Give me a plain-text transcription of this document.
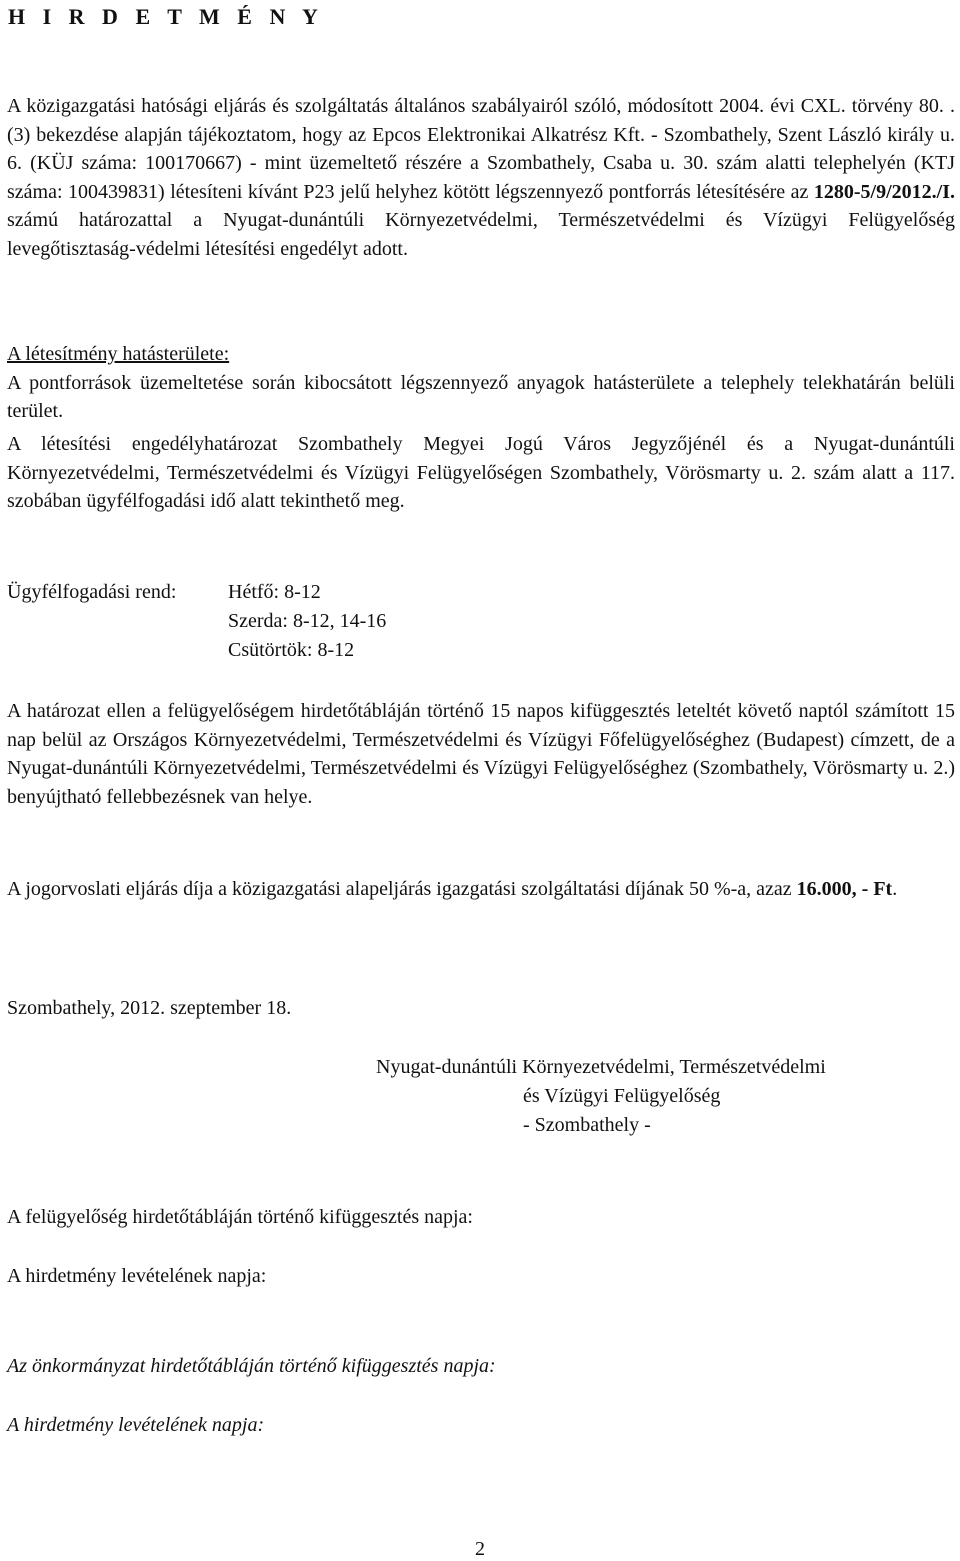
H I R D E T M É N Y
A közigazgatási hatósági eljárás és szolgáltatás általános szabályairól szóló, módosított 2004. évi CXL. törvény 80. . (3) bekezdése alapján tájékoztatom, hogy az Epcos Elektronikai Alkatrész Kft. - Szombathely, Szent László király u. 6. (KÜJ száma: 100170667) - mint üzemeltető részére a Szombathely, Csaba u. 30. szám alatti telephelyén (KTJ száma: 100439831) létesíteni kívánt P23 jelű helyhez kötött légszennyező pontforrás létesítésére az 1280-5/9/2012./I. számú határozattal a Nyugat-dunántúli Környezetvédelmi, Természetvédelmi és Vízügyi Felügyelőség levegőtisztaság-védelmi létesítési engedélyt adott.
A létesítmény hatásterülete:
A pontforrások üzemeltetése során kibocsátott légszennyező anyagok hatásterülete a telephely telekhatárán belüli terület.
A létesítési engedélyhatározat Szombathely Megyei Jogú Város Jegyzőjénél és a Nyugat-dunántúli Környezetvédelmi, Természetvédelmi és Vízügyi Felügyelőségen Szombathely, Vörösmarty u. 2. szám alatt a 117. szobában ügyfélfogadási idő alatt tekinthető meg.
Ügyfélfogadási rend:	Hétfő: 8-12
Szerda: 8-12, 14-16
Csütörtök: 8-12
A határozat ellen a felügyelőségem hirdetőtábláján történő 15 napos kifüggesztés leteltét követő naptól számított 15 nap belül az Országos Környezetvédelmi, Természetvédelmi és Vízügyi Főfelügyelőséghez (Budapest) címzett, de a Nyugat-dunántúli Környezetvédelmi, Természetvédelmi és Vízügyi Felügyelőséghez (Szombathely, Vörösmarty u. 2.) benyújtható fellebbezésnek van helye.
A jogorvoslati eljárás díja a közigazgatási alapeljárás igazgatási szolgáltatási díjának 50 %-a, azaz 16.000, - Ft.
Szombathely, 2012. szeptember 18.
Nyugat-dunántúli Környezetvédelmi, Természetvédelmi
és Vízügyi Felügyelőség
- Szombathely -
A felügyelőség hirdetőtábláján történő kifüggesztés napja:
A hirdetmény levételének napja:
Az önkormányzat hirdetőtábláján történő kifüggesztés napja:
A hirdetmény levételének napja:
2
